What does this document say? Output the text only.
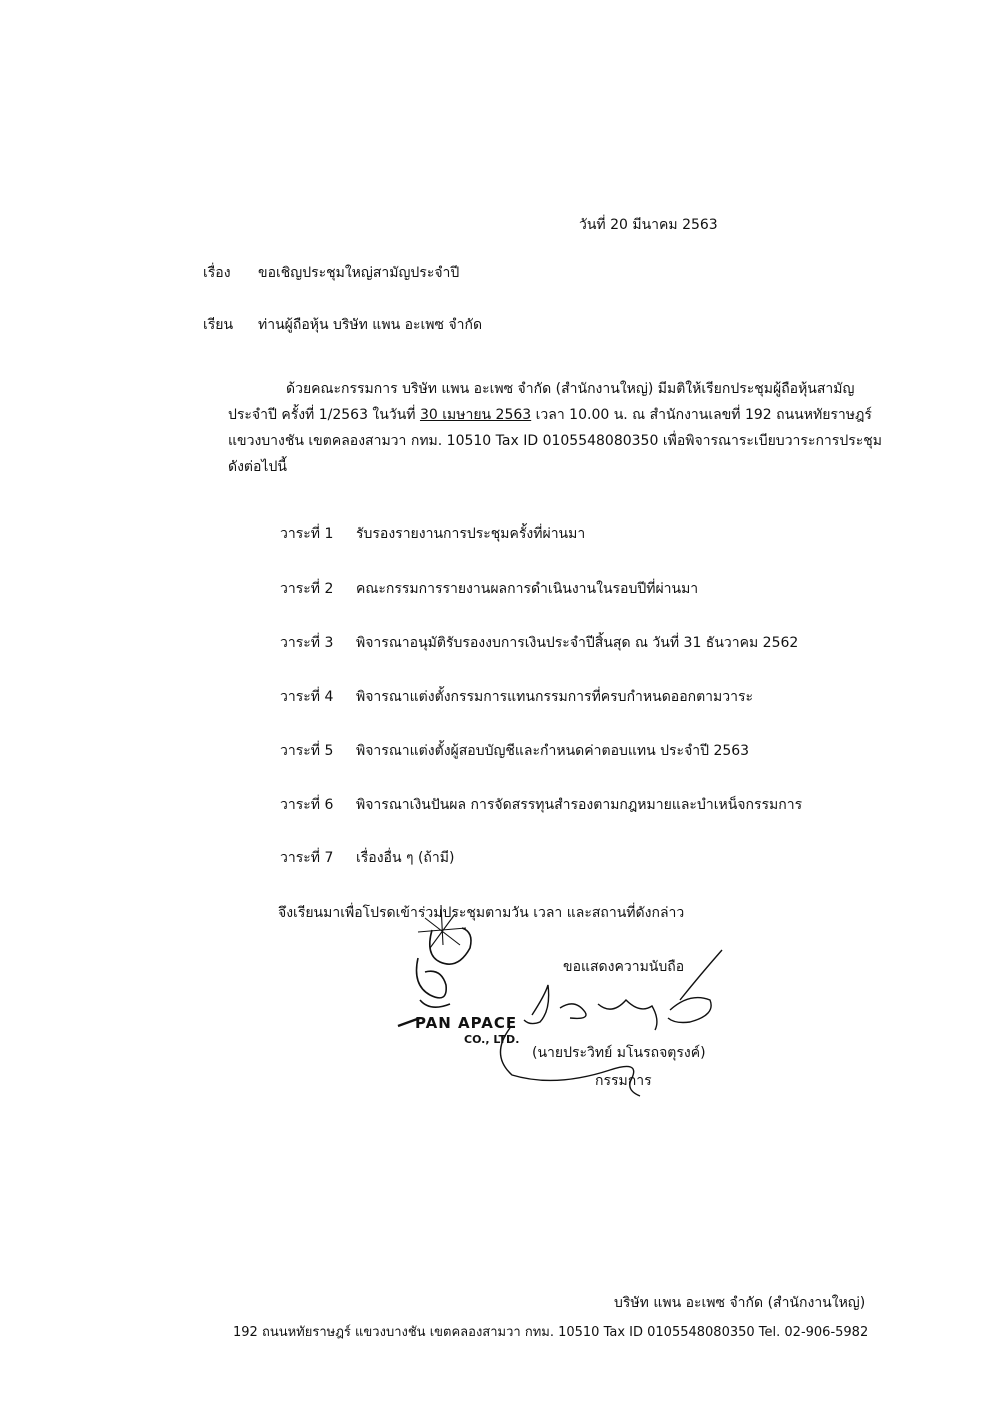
วันที่ 20 มีนาคม 2563
เรื่อง ขอเชิญประชุมใหญ่สามัญประจำปี
เรียน ท่านผู้ถือหุ้น บริษัท แพน อะเพซ จำกัด

ด้วยคณะกรรมการ บริษัท แพน อะเพซ จำกัด (สำนักงานใหญ่) มีมติให้เรียกประชุมผู้ถือหุ้นสามัญ

ประจำปี ครั้งที่ 1/2563 ในวันที่ 30 เมษายน 2563 เวลา 10.00 น. ณ สำนักงานเลขที่ 192 ถนนหทัยราษฎร์

แขวงบางชัน เขตคลองสามวา กทม. 10510 Tax ID 0105548080350 เพื่อพิจารณาระเบียบวาระการประชุม

ดังต่อไปนี้

วาระที่ 1	รับรองรายงานการประชุมครั้งที่ผ่านมา
วาระที่ 2	คณะกรรมการรายงานผลการดำเนินงานในรอบปีที่ผ่านมา
วาระที่ 3	พิจารณาอนุมัติรับรองงบการเงินประจำปีสิ้นสุด ณ วันที่ 31 ธันวาคม 2562
วาระที่ 4	พิจารณาแต่งตั้งกรรมการแทนกรรมการที่ครบกำหนดออกตามวาระ
วาระที่ 5	พิจารณาแต่งตั้งผู้สอบบัญชีและกำหนดค่าตอบแทน ประจำปี 2563
วาระที่ 6	พิจารณาเงินปันผล การจัดสรรทุนสำรองตามกฎหมายและบำเหน็จกรรมการ
วาระที่ 7	เรื่องอื่น ๆ (ถ้ามี)
จึงเรียนมาเพื่อโปรดเข้าร่วมประชุมตามวัน เวลา และสถานที่ดังกล่าว
PAN APACE
CO., LTD.
ขอแสดงความนับถือ
(นายประวิทย์ มโนรถจตุรงค์)
กรรมการ
บริษัท แพน อะเพซ จำกัด (สำนักงานใหญ่)
192 ถนนหทัยราษฎร์ แขวงบางชัน เขตคลองสามวา กทม. 10510 Tax ID 0105548080350 Tel. 02-906-5982
